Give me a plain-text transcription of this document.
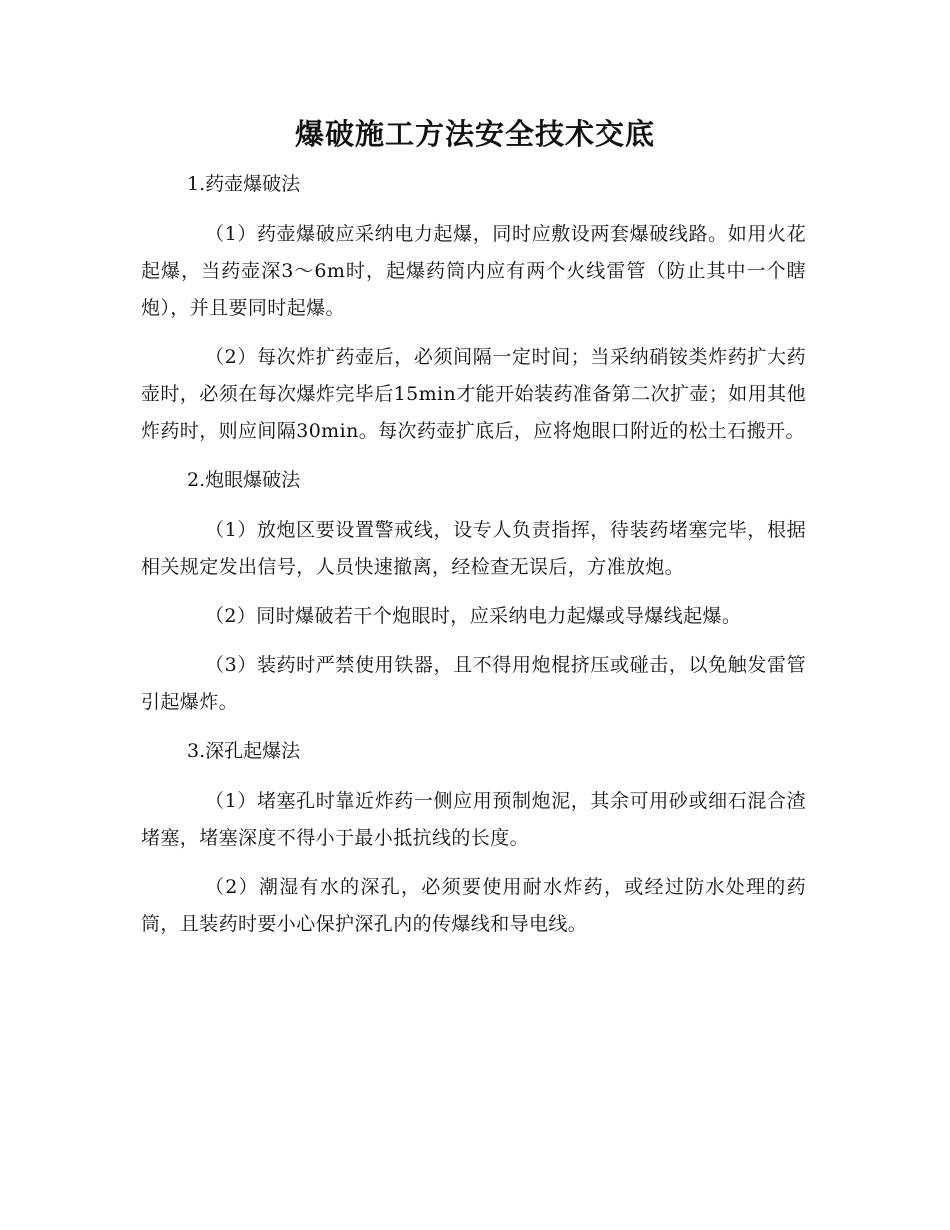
爆破施工方法安全技术交底

1.药壶爆破法

（1）药壶爆破应采纳电力起爆，同时应敷设两套爆破线路。如用火花起爆，当药壶深3～6m时，起爆药筒内应有两个火线雷管（防止其中一个瞎炮），并且要同时起爆。

（2）每次炸扩药壶后，必须间隔一定时间；当采纳硝铵类炸药扩大药壶时，必须在每次爆炸完毕后15min才能开始装药准备第二次扩壶；如用其他炸药时，则应间隔30min。每次药壶扩底后，应将炮眼口附近的松土石搬开。

2.炮眼爆破法

（1）放炮区要设置警戒线，设专人负责指挥，待装药堵塞完毕，根据相关规定发出信号，人员快速撤离，经检查无误后，方准放炮。

（2）同时爆破若干个炮眼时，应采纳电力起爆或导爆线起爆。

（3）装药时严禁使用铁器，且不得用炮棍挤压或碰击，以免触发雷管引起爆炸。

3.深孔起爆法

（1）堵塞孔时靠近炸药一侧应用预制炮泥，其余可用砂或细石混合渣堵塞，堵塞深度不得小于最小抵抗线的长度。

（2）潮湿有水的深孔，必须要使用耐水炸药，或经过防水处理的药筒，且装药时要小心保护深孔内的传爆线和导电线。
